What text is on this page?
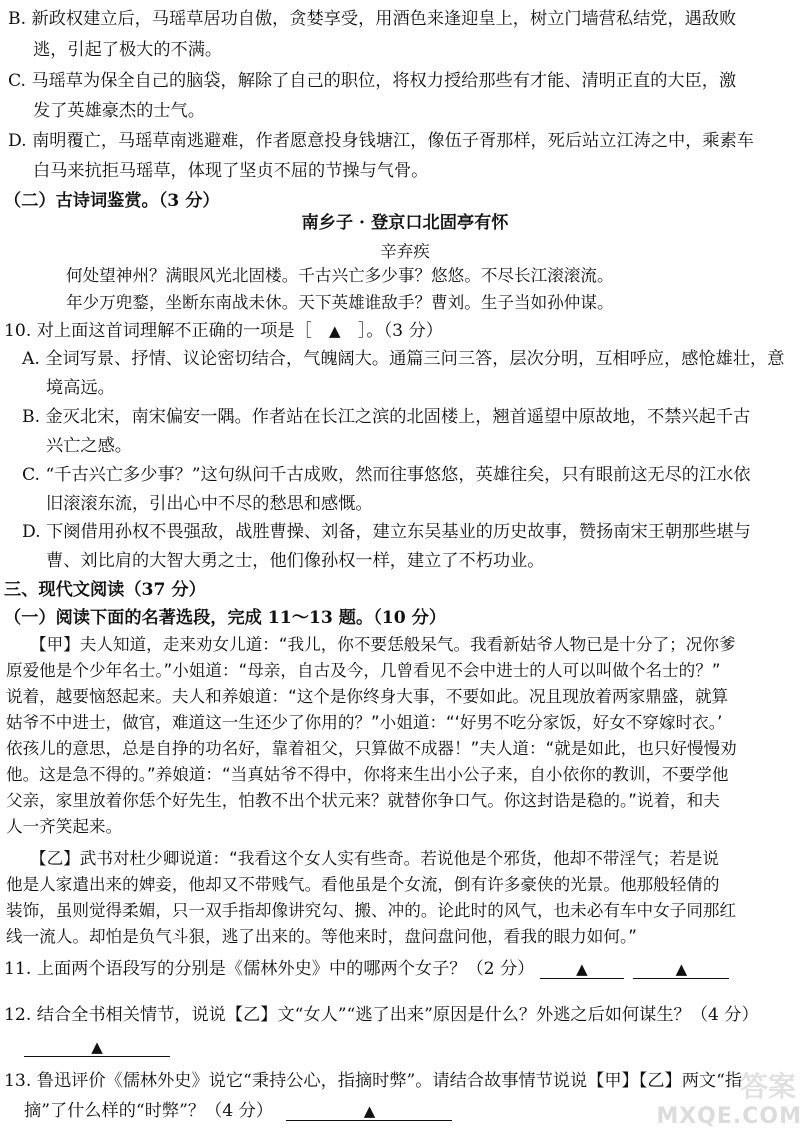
B. 新政权建立后，马瑶草居功自傲，贪婪享受，用酒色来逢迎皇上，树立门墙营私结党，遇敌败
逃，引起了极大的不满。
C. 马瑶草为保全自己的脑袋，解除了自己的职位，将权力授给那些有才能、清明正直的大臣，激
发了英雄豪杰的士气。
D. 南明覆亡，马瑶草南逃避难，作者愿意投身钱塘江，像伍子胥那样，死后站立江涛之中，乘素车
白马来抗拒马瑶草，体现了坚贞不屈的节操与气骨。
（二）古诗词鉴赏。（3 分）
南乡子 · 登京口北固亭有怀
辛弃疾
何处望神州？满眼风光北固楼。千古兴亡多少事？悠悠。不尽长江滚滚流。
年少万兜鍪，坐断东南战未休。天下英雄谁敌手？曹刘。生子当如孙仲谋。
10. 对上面这首词理解不正确的一项是［ ▲ ］。（3 分）
A. 全词写景、抒情、议论密切结合，气魄阔大。通篇三问三答，层次分明，互相呼应，感怆雄壮，意
境高远。
B. 金灭北宋，南宋偏安一隅。作者站在长江之滨的北固楼上，翘首遥望中原故地，不禁兴起千古
兴亡之感。
C. “千古兴亡多少事？”这句纵问千古成败，然而往事悠悠，英雄往矣，只有眼前这无尽的江水依
旧滚滚东流，引出心中不尽的愁思和感慨。
D. 下阕借用孙权不畏强敌，战胜曹操、刘备，建立东吴基业的历史故事，赞扬南宋王朝那些堪与
曹、刘比肩的大智大勇之士，他们像孙权一样，建立了不朽功业。
三、现代文阅读（37 分）
（一）阅读下面的名著选段，完成 11～13 题。（10 分）
【甲】夫人知道，走来劝女儿道：“我儿，你不要恁般呆气。我看新姑爷人物已是十分了；况你爹
原爱他是个少年名士。”小姐道：“母亲，自古及今，几曾看见不会中进士的人可以叫做个名士的？”
说着，越要恼怒起来。夫人和养娘道：“这个是你终身大事，不要如此。况且现放着两家鼎盛，就算
姑爷不中进士，做官，难道这一生还少了你用的？”小姐道：“‘好男不吃分家饭，好女不穿嫁时衣。’
依孩儿的意思，总是自挣的功名好，靠着祖父，只算做不成器！”夫人道：“就是如此，也只好慢慢劝
他。这是急不得的。”养娘道：“当真姑爷不得中，你将来生出小公子来，自小依你的教训，不要学他
父亲，家里放着你恁个好先生，怕教不出个状元来？就替你争口气。你这封诰是稳的。”说着，和夫
人一齐笑起来。
【乙】武书对杜少卿说道：“我看这个女人实有些奇。若说他是个邪货，他却不带淫气；若是说
他是人家遣出来的婢妾，他却又不带贱气。看他虽是个女流，倒有许多豪侠的光景。他那般轻倩的
装饰，虽则觉得柔媚，只一双手指却像讲究勾、搬、冲的。论此时的风气，也未必有车中女子同那红
线一流人。却怕是负气斗狠，逃了出来的。等他来时，盘问盘问他，看我的眼力如何。”
11. 上面两个语段写的分别是《儒林外史》中的哪两个女子？（2 分）	▲	▲
12. 结合全书相关情节，说说【乙】文“女人”“逃了出来”原因是什么？外逃之后如何谋生？（4 分）
▲
13. 鲁迅评价《儒林外史》说它“秉持公心，指摘时弊”。请结合故事情节说说【甲】【乙】两文“指
摘”了什么样的“时弊”？（4 分）	▲
答案
MXQE.COM
